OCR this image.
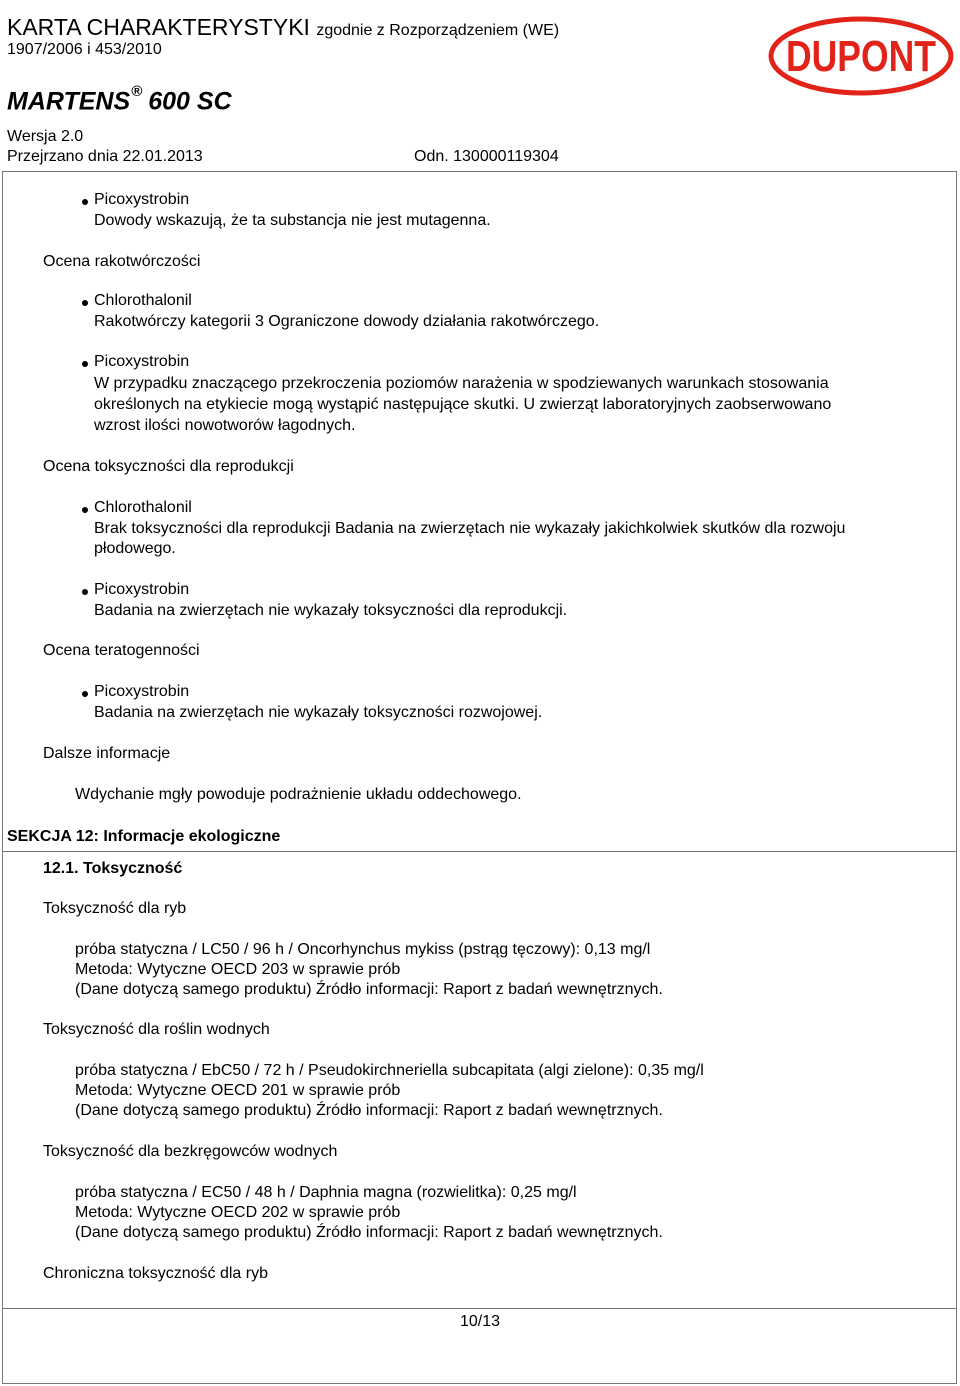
KARTA CHARAKTERYSTYKI zgodnie z Rozporządzeniem (WE)
1907/2006 i 453/2010
MARTENS® 600 SC
Wersja 2.0
Przejrzano dnia 22.01.2013	Odn. 130000119304
DUPONT
Picoxystrobin
Dowody wskazują, że ta substancja nie jest mutagenna.
Ocena rakotwórczości
Chlorothalonil
Rakotwórczy kategorii 3 Ograniczone dowody działania rakotwórczego.
Picoxystrobin
W przypadku znaczącego przekroczenia poziomów narażenia w spodziewanych warunkach stosowania
określonych na etykiecie mogą wystąpić następujące skutki. U zwierząt laboratoryjnych zaobserwowano
wzrost ilości nowotworów łagodnych.
Ocena toksyczności dla reprodukcji
Chlorothalonil
Brak toksyczności dla reprodukcji Badania na zwierzętach nie wykazały jakichkolwiek skutków dla rozwoju
płodowego.
Picoxystrobin
Badania na zwierzętach nie wykazały toksyczności dla reprodukcji.
Ocena teratogenności
Picoxystrobin
Badania na zwierzętach nie wykazały toksyczności rozwojowej.
Dalsze informacje
Wdychanie mgły powoduje podrażnienie układu oddechowego.
SEKCJA 12: Informacje ekologiczne
12.1. Toksyczność
Toksyczność dla ryb
próba statyczna / LC50 / 96 h / Oncorhynchus mykiss (pstrąg tęczowy): 0,13 mg/l
Metoda: Wytyczne OECD 203 w sprawie prób
(Dane dotyczą samego produktu) Źródło informacji: Raport z badań wewnętrznych.
Toksyczność dla roślin wodnych
próba statyczna / EbC50 / 72 h / Pseudokirchneriella subcapitata (algi zielone): 0,35 mg/l
Metoda: Wytyczne OECD 201 w sprawie prób
(Dane dotyczą samego produktu) Źródło informacji: Raport z badań wewnętrznych.
Toksyczność dla bezkręgowców wodnych
próba statyczna / EC50 / 48 h / Daphnia magna (rozwielitka): 0,25 mg/l
Metoda: Wytyczne OECD 202 w sprawie prób
(Dane dotyczą samego produktu) Źródło informacji: Raport z badań wewnętrznych.
Chroniczna toksyczność dla ryb
10/13
